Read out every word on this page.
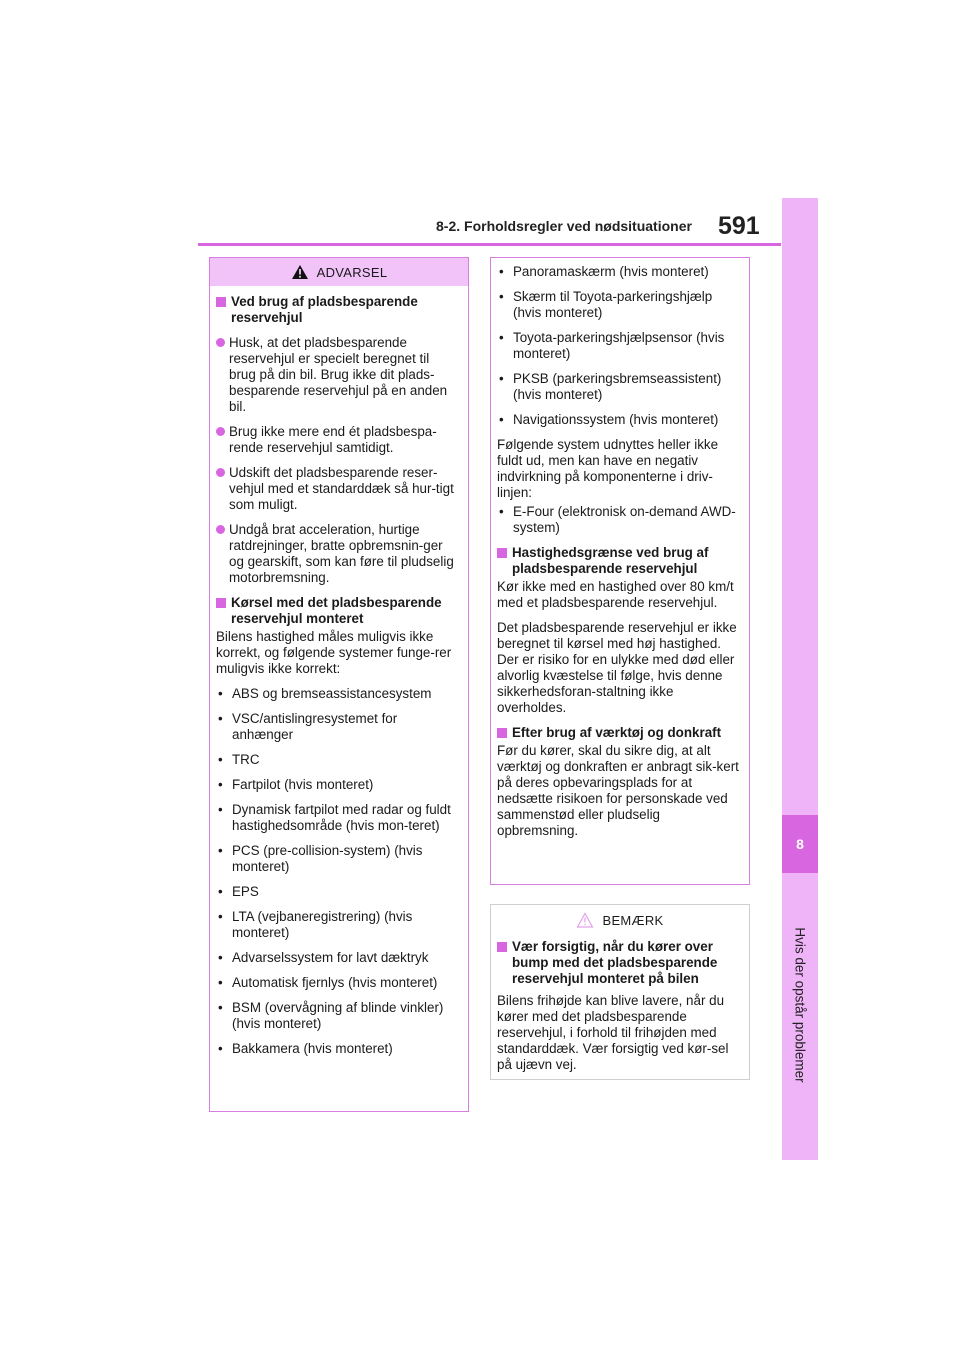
8-2. Forholdsregler ved nødsituationer 591
8
Hvis der opstår problemer
ADVARSEL
Ved brug af pladsbesparende reservehjul
Husk, at det pladsbesparende reservehjul er specielt beregnet til brug på din bil. Brug ikke dit plads-besparende reservehjul på en anden bil.
Brug ikke mere end ét pladsbespa-rende reservehjul samtidigt.
Udskift det pladsbesparende reser-vehjul med et standarddæk så hur-tigt som muligt.
Undgå brat acceleration, hurtige ratdrejninger, bratte opbremsnin-ger og gearskift, som kan føre til pludselig motorbremsning.
Kørsel med det pladsbesparende reservehjul monteret

Bilens hastighed måles muligvis ikke korrekt, og følgende systemer funge-rer muligvis ikke korrekt:

• ABS og bremseassistancesystem
• VSC/antislingresystemet for anhænger
• TRC
• Fartpilot (hvis monteret)
• Dynamisk fartpilot med radar og fuldt hastighedsområde (hvis mon-teret)
• PCS (pre-collision-system) (hvis monteret)
• EPS
• LTA (vejbaneregistrering) (hvis monteret)
• Advarselssystem for lavt dæktryk
• Automatisk fjernlys (hvis monteret)
• BSM (overvågning af blinde vinkler) (hvis monteret)
• Bakkamera (hvis monteret)
• Panoramaskærm (hvis monteret)
• Skærm til Toyota-parkeringshjælp (hvis monteret)
• Toyota-parkeringshjælpsensor (hvis monteret)
• PKSB (parkeringsbremseassistent) (hvis monteret)
• Navigationssystem (hvis monteret)

Følgende system udnyttes heller ikke fuldt ud, men kan have en negativ indvirkning på komponenterne i driv-linjen:

• E-Four (elektronisk on-demand AWD-system)
Hastighedsgrænse ved brug af pladsbesparende reservehjul

Kør ikke med en hastighed over 80 km/t med et pladsbesparende reservehjul.

Det pladsbesparende reservehjul er ikke beregnet til kørsel med høj hastighed. Der er risiko for en ulykke med død eller alvorlig kvæstelse til følge, hvis denne sikkerhedsforan-staltning ikke overholdes.

Efter brug af værktøj og donkraft

Før du kører, skal du sikre dig, at alt værktøj og donkraften er anbragt sik-kert på deres opbevaringsplads for at nedsætte risikoen for personskade ved sammenstød eller pludselig opbremsning.

BEMÆRK
Vær forsigtig, når du kører over bump med det pladsbesparende reservehjul monteret på bilen

Bilens frihøjde kan blive lavere, når du kører med det pladsbesparende reservehjul, i forhold til frihøjden med standarddæk. Vær forsigtig ved kør-sel på ujævn vej.
